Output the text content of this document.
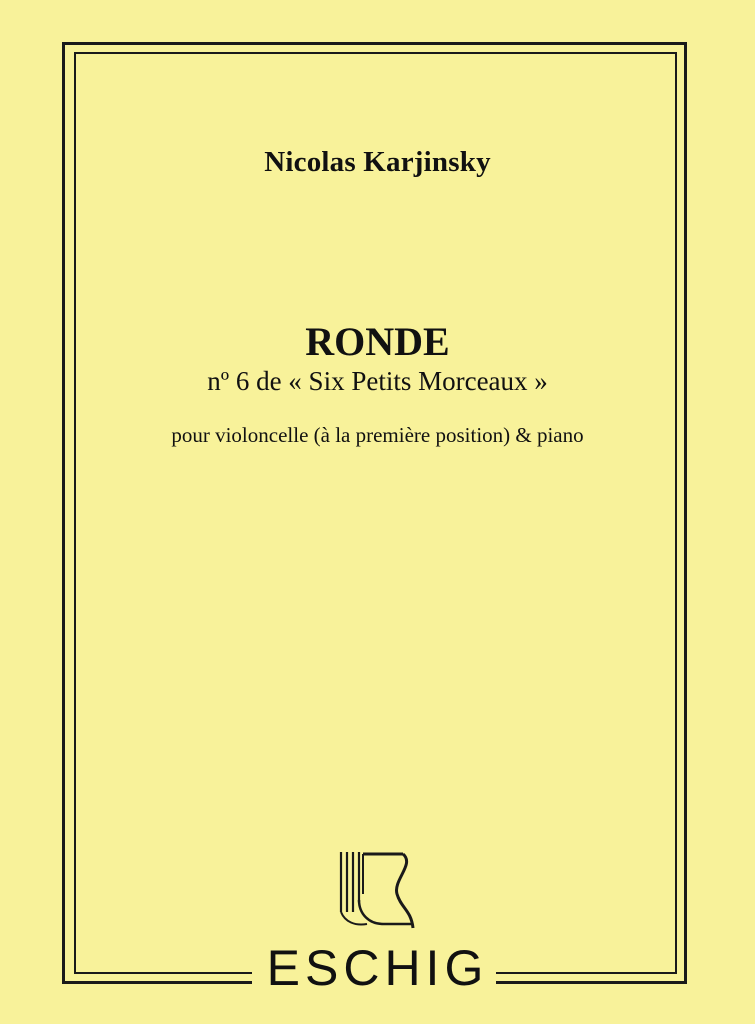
Nicolas Karjinsky
RONDE
nº 6 de « Six Petits Morceaux »
pour violoncelle (à la première position) & piano
ESCHIG
